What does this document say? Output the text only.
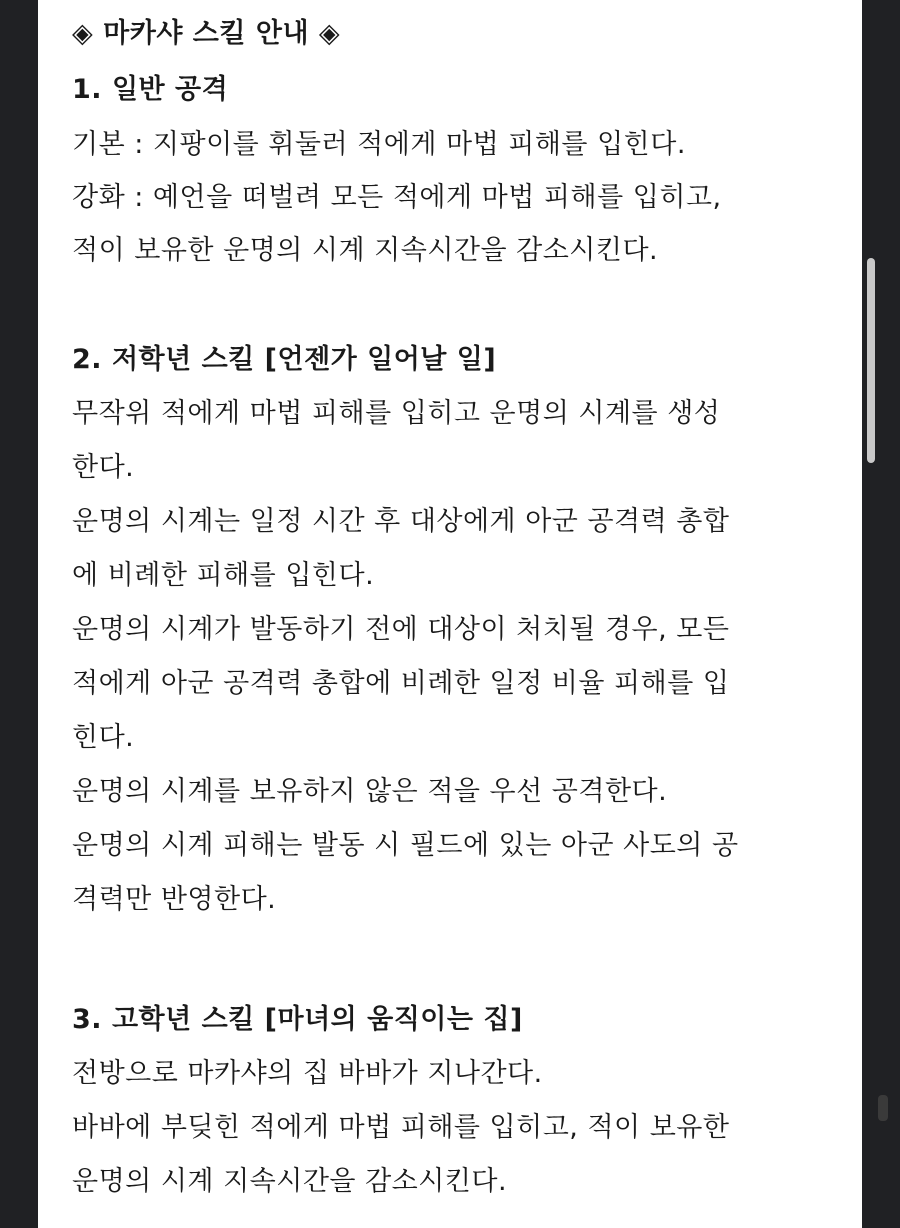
◈ 마카샤 스킬 안내 ◈
1. 일반 공격
기본 : 지팡이를 휘둘러 적에게 마법 피해를 입힌다.
강화 : 예언을 떠벌려 모든 적에게 마법 피해를 입히고,
적이 보유한 운명의 시계 지속시간을 감소시킨다.
2. 저학년 스킬 [언젠가 일어날 일]
무작위 적에게 마법 피해를 입히고 운명의 시계를 생성
한다.
운명의 시계는 일정 시간 후 대상에게 아군 공격력 총합
에 비례한 피해를 입힌다.
운명의 시계가 발동하기 전에 대상이 처치될 경우, 모든
적에게 아군 공격력 총합에 비례한 일정 비율 피해를 입
힌다.
운명의 시계를 보유하지 않은 적을 우선 공격한다.
운명의 시계 피해는 발동 시 필드에 있는 아군 사도의 공
격력만 반영한다.
3. 고학년 스킬 [마녀의 움직이는 집]
전방으로 마카샤의 집 바바가 지나간다.
바바에 부딪힌 적에게 마법 피해를 입히고, 적이 보유한
운명의 시계 지속시간을 감소시킨다.
